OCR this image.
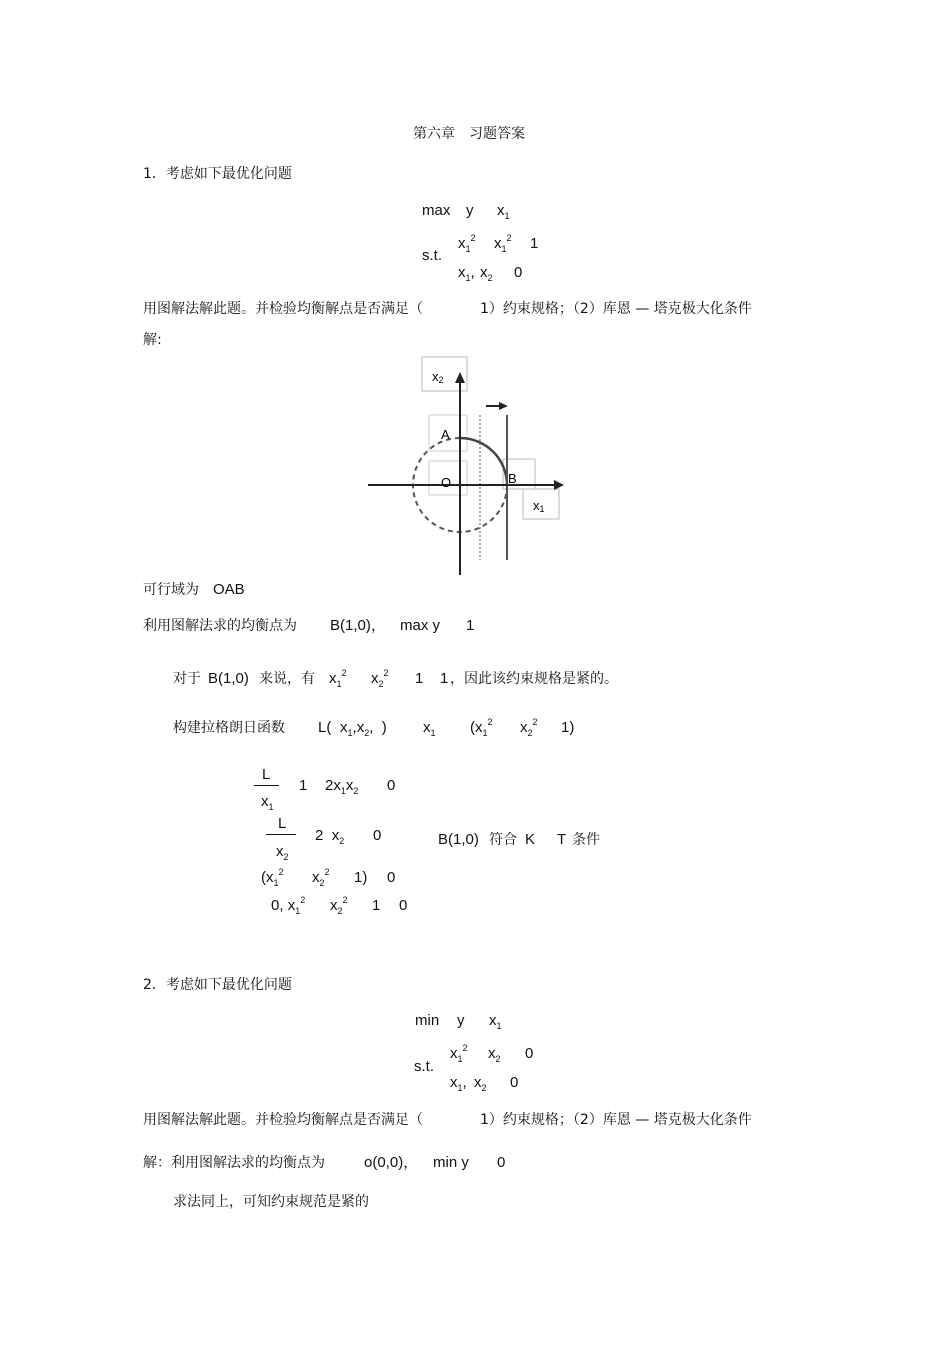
第六章　习题答案
1．考虑如下最优化问题
max y $x_1$
s.t.
$x_1^2$ $x_1^2$ 1
$x_1$, $x_2$ 0
用图解法解此题。并检验均衡解点是否满足（	1）约束规格；（2）库恩 — 塔克极大化条件
解:
x2
A
O	B
x1
可行域为 OAB
利用图解法求的均衡点为 B(1,0)， max y 1
对于 B(1,0) 来说，有 $x_1^2$ $x_2^2$ 1 1 ，因此该约束规格是紧的。
构建拉格朗日函数 L( $x_1,x_2$,  ) $x_1$ ($x_1^2$ $x_2^2$ 1)
L
$x_1$
1 $2x_1x_2$ 0
L
$x_2$
2  $x_2$ 0	B(1,0) 符合 K T 条件
($x_1^2$ $x_2^2$ 1) 0
0, $x_1^2$ $x_2^2$ 1 0
2．考虑如下最优化问题
min y $x_1$
s.t.
$x_1^2$ $x_2$ 0
$x_1$, $x_2$ 0
用图解法解此题。并检验均衡解点是否满足（	1）约束规格；（2）库恩 — 塔克极大化条件
解：利用图解法求的均衡点为	o(0,0)， min y 0
求法同上，可知约束规范是紧的
